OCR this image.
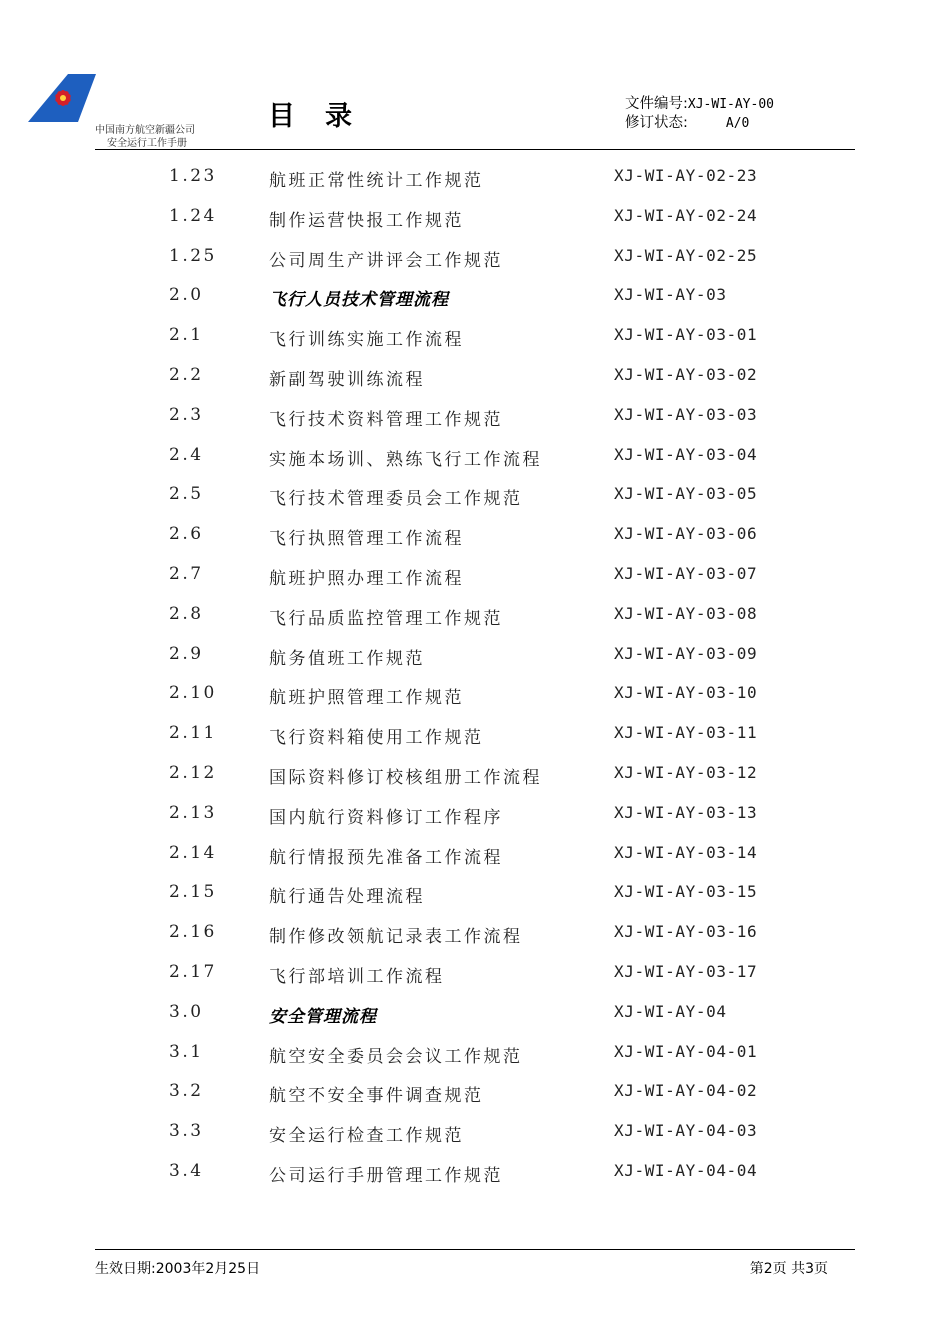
中国南方航空新疆公司
安全运行工作手册
目录	文件编号:XJ-WI-AY-00
修订状态:	A/0
1.23	航班正常性统计工作规范	XJ-WI-AY-02-23
1.24	制作运营快报工作规范	XJ-WI-AY-02-24
1.25	公司周生产讲评会工作规范	XJ-WI-AY-02-25
2.0	飞行人员技术管理流程	XJ-WI-AY-03
2.1	飞行训练实施工作流程	XJ-WI-AY-03-01
2.2	新副驾驶训练流程	XJ-WI-AY-03-02
2.3	飞行技术资料管理工作规范	XJ-WI-AY-03-03
2.4	实施本场训、熟练飞行工作流程	XJ-WI-AY-03-04
2.5	飞行技术管理委员会工作规范	XJ-WI-AY-03-05
2.6	飞行执照管理工作流程	XJ-WI-AY-03-06
2.7	航班护照办理工作流程	XJ-WI-AY-03-07
2.8	飞行品质监控管理工作规范	XJ-WI-AY-03-08
2.9	航务值班工作规范	XJ-WI-AY-03-09
2.10	航班护照管理工作规范	XJ-WI-AY-03-10
2.11	飞行资料箱使用工作规范	XJ-WI-AY-03-11
2.12	国际资料修订校核组册工作流程	XJ-WI-AY-03-12
2.13	国内航行资料修订工作程序	XJ-WI-AY-03-13
2.14	航行情报预先准备工作流程	XJ-WI-AY-03-14
2.15	航行通告处理流程	XJ-WI-AY-03-15
2.16	制作修改领航记录表工作流程	XJ-WI-AY-03-16
2.17	飞行部培训工作流程	XJ-WI-AY-03-17
3.0	安全管理流程	XJ-WI-AY-04
3.1	航空安全委员会会议工作规范	XJ-WI-AY-04-01
3.2	航空不安全事件调查规范	XJ-WI-AY-04-02
3.3	安全运行检查工作规范	XJ-WI-AY-04-03
3.4	公司运行手册管理工作规范	XJ-WI-AY-04-04
生效日期:2003年2月25日	第2页 共3页
